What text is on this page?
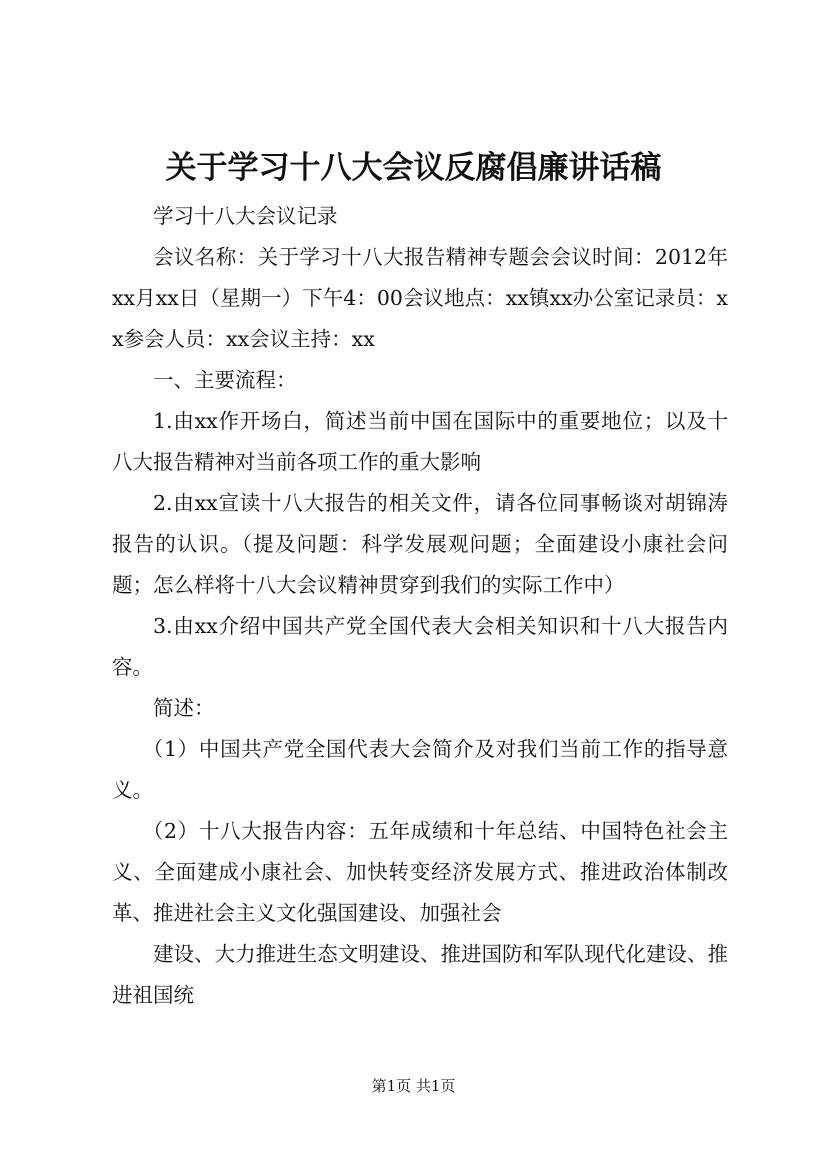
关于学习十八大会议反腐倡廉讲话稿

学习十八大会议记录

会议名称：关于学习十八大报告精神专题会会议时间：2012年xx月xx日（星期一）下午4：00会议地点：xx镇xx办公室记录员：xx参会人员：xx会议主持：xx

一、主要流程：

1.由xx作开场白，简述当前中国在国际中的重要地位；以及十八大报告精神对当前各项工作的重大影响

2.由xx宣读十八大报告的相关文件，请各位同事畅谈对胡锦涛报告的认识。（提及问题：科学发展观问题；全面建设小康社会问题；怎么样将十八大会议精神贯穿到我们的实际工作中）

3.由xx介绍中国共产党全国代表大会相关知识和十八大报告内容。

简述：

（1）中国共产党全国代表大会简介及对我们当前工作的指导意义。

（2）十八大报告内容：五年成绩和十年总结、中国特色社会主义、全面建成小康社会、加快转变经济发展方式、推进政治体制改革、推进社会主义文化强国建设、加强社会

建设、大力推进生态文明建设、推进国防和军队现代化建设、推进祖国统

第1页 共1页
